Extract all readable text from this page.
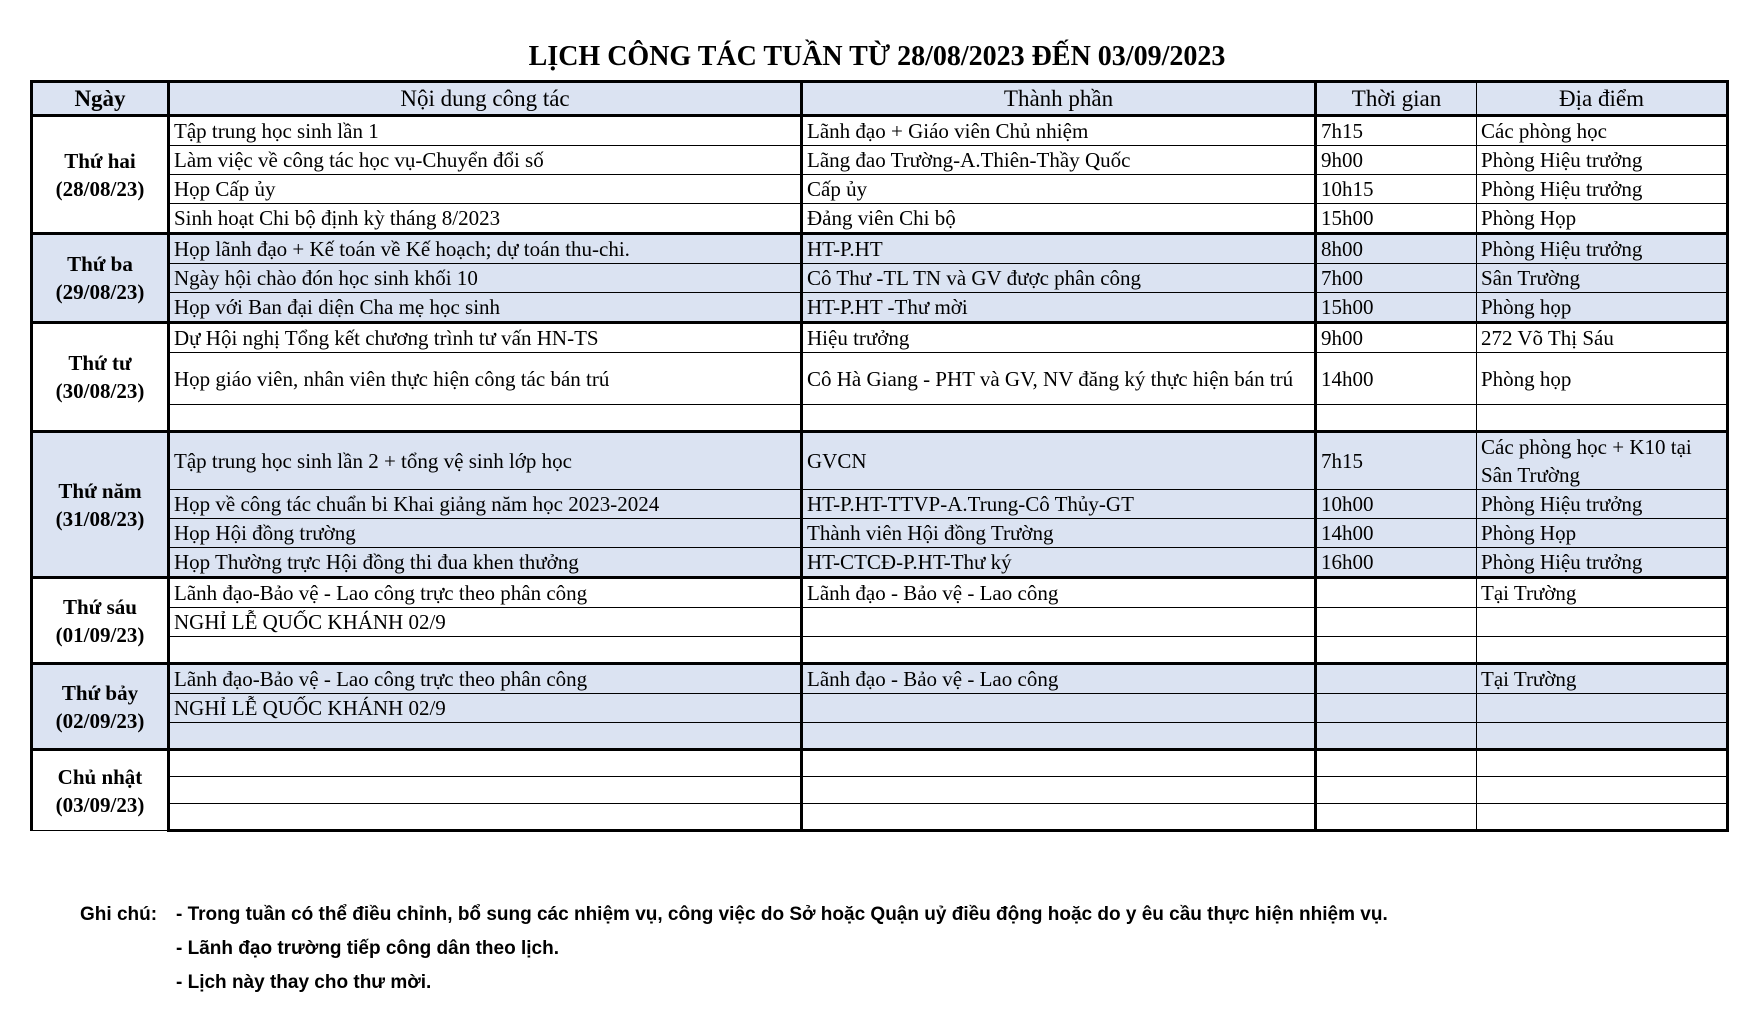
LỊCH CÔNG TÁC TUẦN TỪ 28/08/2023 ĐẾN 03/09/2023
Ngày	Nội dung công tác	Thành phần	Thời gian	Địa điểm

Thứ hai
(28/08/23)	Tập trung học sinh lần 1	Lãnh đạo + Giáo viên Chủ nhiệm	7h15	Các phòng học
	Làm việc về công tác học vụ-Chuyển đổi số	Lãng đao Trường-A.Thiên-Thầy Quốc	9h00	Phòng Hiệu trưởng
	Họp Cấp ủy	Cấp ủy	10h15	Phòng Hiệu trưởng
	Sinh hoạt Chi bộ định kỳ tháng 8/2023	Đảng viên Chi bộ	15h00	Phòng Họp

Thứ ba
(29/08/23)	Họp lãnh đạo + Kế toán về Kế hoạch; dự toán thu-chi.	HT-P.HT	8h00	Phòng Hiệu trưởng
	Ngày hội chào đón học sinh khối 10	Cô Thư -TL TN và GV được phân công	7h00	Sân Trường
	Họp với Ban đại diện Cha mẹ học sinh	HT-P.HT -Thư mời	15h00	Phòng họp

Thứ tư
(30/08/23)	Dự Hội nghị Tổng kết chương trình tư vấn HN-TS	Hiệu trưởng	9h00	272 Võ Thị Sáu
	Họp giáo viên, nhân viên thực hiện công tác bán trú	Cô Hà Giang - PHT và GV, NV đăng ký thực hiện bán trú	14h00	Phòng họp

Thứ năm
(31/08/23)	Tập trung học sinh lần 2 + tổng vệ sinh lớp học	GVCN	7h15	Các phòng học + K10 tại Sân Trường
	Họp về công tác chuẩn bi Khai giảng năm học 2023-2024	HT-P.HT-TTVP-A.Trung-Cô Thủy-GT	10h00	Phòng Hiệu trưởng
	Họp Hội đồng trường	Thành viên Hội đồng Trường	14h00	Phòng Họp
	Họp Thường trực Hội đồng thi đua khen thưởng	HT-CTCĐ-P.HT-Thư ký	16h00	Phòng Hiệu trưởng

Thứ sáu
(01/09/23)	Lãnh đạo-Bảo vệ - Lao công trực theo phân công	Lãnh đạo - Bảo vệ - Lao công		Tại Trường
	NGHỈ LỄ QUỐC KHÁNH 02/9			

Thứ bảy
(02/09/23)	Lãnh đạo-Bảo vệ - Lao công trực theo phân công	Lãnh đạo - Bảo vệ - Lao công		Tại Trường
	NGHỈ LỄ QUỐC KHÁNH 02/9			

Chủ nhật
(03/09/23)				

Ghi chú: - Trong tuần có thể điều chỉnh, bổ sung các nhiệm vụ, công việc do Sở hoặc Quận uỷ điều động hoặc do y êu cầu thực hiện nhiệm vụ.
- Lãnh đạo trường tiếp công dân theo lịch.
- Lịch này thay cho thư mời.
